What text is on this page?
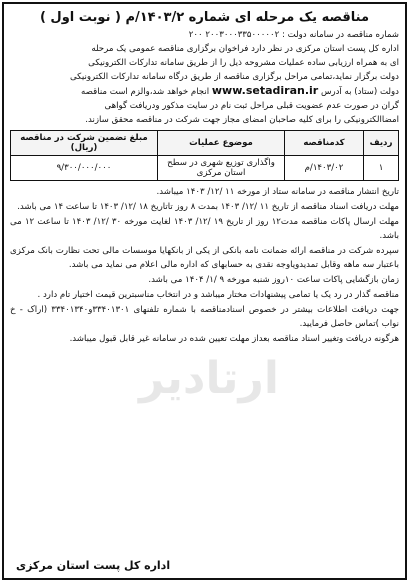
ارتادیر
مناقصه یک مرحله ای شماره ۱۴۰۳/۲/م ( نوبت اول )
شماره مناقصه در سامانه دولت : ۲۰۰۳۰۰۰۳۳۵۰۰۰۰۰۲ ۲۰۰
اداره کل پست استان مرکزی در نظر دارد فراخوان برگزاری مناقصه عمومی یک مرحله
ای به همراه ارزیابی ساده عملیات مشروحه ذیل را از طریق سامانه تدارکات الکترونیکی
دولت برگزار نماید،تمامی مراحل برگزاری مناقصه از طریق درگاه سامانه تدارکات الکترونیکی
دولت (ستاد) به آدرس www.setadiran.ir انجام خواهد شد،والزم است مناقصه
گران در صورت عدم عضویت قبلی مراحل ثبت نام در سایت مذکور ودریافت گواهی
امضاالکترونیکی را برای کلیه صاحبان امضای مجاز جهت شرکت در مناقصه محقق سازند.
ردیف	کدمناقصه	موضوع عملیات	مبلغ تضمین شرکت در مناقصه (ریال)
۱	۱۴۰۳/۰۲/م	واگذاری توزیع شهری در سطح استان مرکزی	۹/۳۰۰/۰۰۰/۰۰۰

تاریخ انتشار مناقصه در سامانه ستاد از مورخه ۱۱ /۱۲/ ۱۴۰۳ میباشد.

مهلت دریافت اسناد مناقصه از تاریخ ۱۱ /۱۲/ ۱۴۰۳ بمدت ۸ روز تاتاریخ ۱۸ /۱۲/ ۱۴۰۳ تا ساعت ۱۴ می باشد.

مهلت ارسال پاکات مناقصه مدت۱۲ روز از تاریخ ۱۹ /۱۲/ ۱۴۰۳ لغایت مورخه ۳۰ /۱۲/ ۱۴۰۳ تا ساعت ۱۲ می باشد.

سپرده شرکت در مناقصه ارائه ضمانت نامه بانکی از یکی از بانکهایا موسسات مالی تحت نظارت بانک مرکزی باعتبار سه ماهه وقابل تمدیدویاوجه نقدی به حسابهای که اداره مالی اعلام می نماید می باشد.

زمان بازگشایی پاکات ساعت ۱۰روز شنبه مورخه ۹ /۱/ ۱۴۰۴ می باشد.

مناقصه گذار در رد یک یا تمامی پیشنهادات مختار میباشد و در انتخاب مناسبترین قیمت اختیار تام دارد .

جهت دریافت اطلاعات بیشتر در خصوص اسنادمناقصه با شماره تلفنهای ۳۳۴۰۱۳۰۱و۳۳۴۰۱۳۴۰ (اراک - خ نواب )تماس حاصل فرمایید.

هرگونه دریافت وتغییر اسناد مناقصه بعداز مهلت تعیین شده در سامانه غیر قابل قبول میباشد.

اداره کل پست استان مرکزی
